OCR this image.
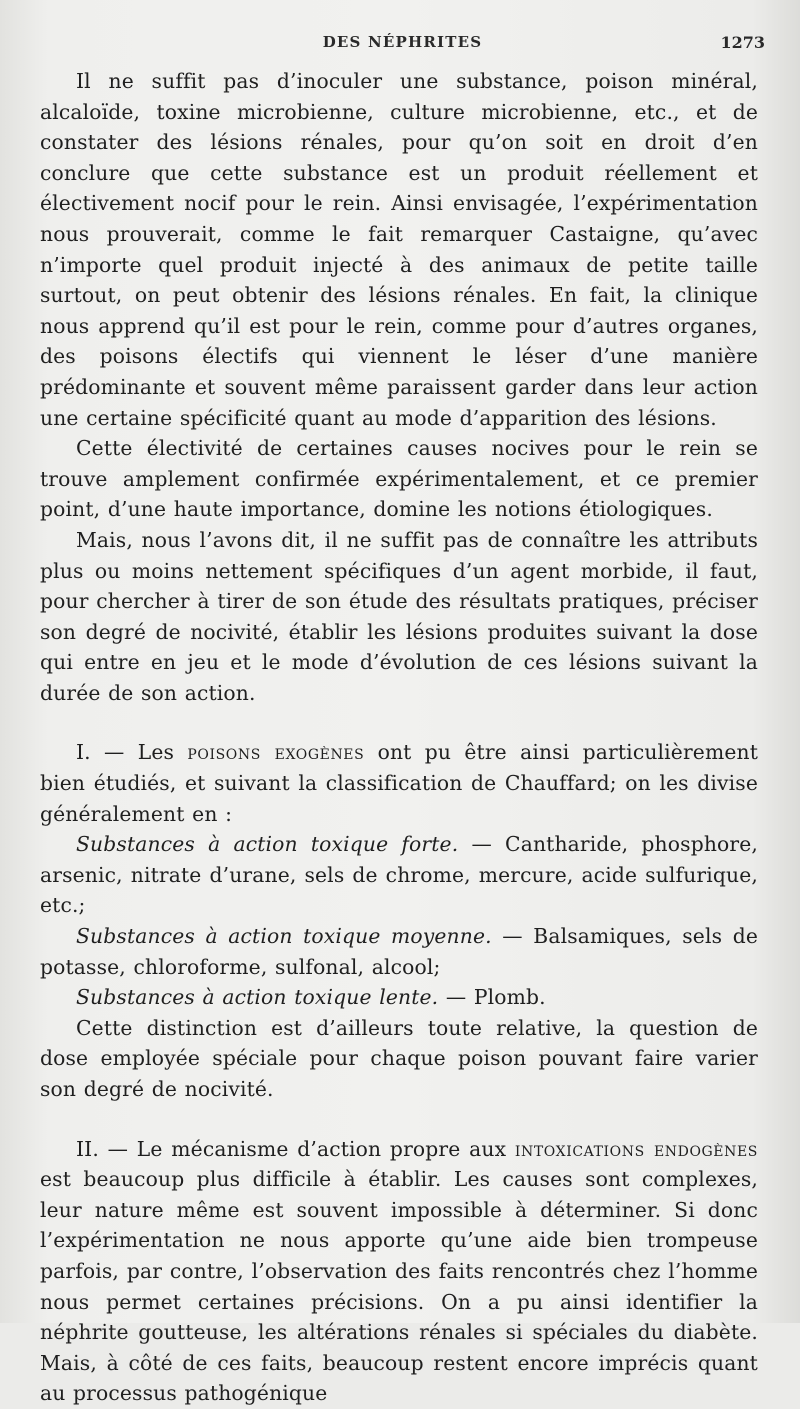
DES NÉPHRITES	1273

Il ne suffit pas d’inoculer une substance, poison minéral, alcaloïde, toxine microbienne, culture microbienne, etc., et de constater des lésions rénales, pour qu’on soit en droit d’en conclure que cette substance est un produit réellement et électivement nocif pour le rein. Ainsi envisagée, l’expérimentation nous prouverait, comme le fait remarquer Castaigne, qu’avec n’importe quel produit injecté à des animaux de petite taille surtout, on peut obtenir des lésions rénales. En fait, la clinique nous apprend qu’il est pour le rein, comme pour d’autres organes, des poisons électifs qui viennent le léser d’une manière prédominante et souvent même paraissent garder dans leur action une certaine spécificité quant au mode d’apparition des lésions.

Cette électivité de certaines causes nocives pour le rein se trouve amplement confirmée expérimentalement, et ce premier point, d’une haute importance, domine les notions étiologiques.

Mais, nous l’avons dit, il ne suffit pas de connaître les attributs plus ou moins nettement spécifiques d’un agent morbide, il faut, pour chercher à tirer de son étude des résultats pratiques, préciser son degré de nocivité, établir les lésions produites suivant la dose qui entre en jeu et le mode d’évolution de ces lésions suivant la durée de son action.

I. — Les poisons exogènes ont pu être ainsi particulièrement bien étudiés, et suivant la classification de Chauffard; on les divise généralement en :

Substances à action toxique forte. — Cantharide, phosphore, arsenic, nitrate d’urane, sels de chrome, mercure, acide sulfurique, etc.;

Substances à action toxique moyenne. — Balsamiques, sels de potasse, chloroforme, sulfonal, alcool;

Substances à action toxique lente. — Plomb.

Cette distinction est d’ailleurs toute relative, la question de dose employée spéciale pour chaque poison pouvant faire varier son degré de nocivité.

II. — Le mécanisme d’action propre aux intoxications endogènes est beaucoup plus difficile à établir. Les causes sont complexes, leur nature même est souvent impossible à déterminer. Si donc l’expérimentation ne nous apporte qu’une aide bien trompeuse parfois, par contre, l’observation des faits rencontrés chez l’homme nous permet certaines précisions. On a pu ainsi identifier la néphrite goutteuse, les altérations rénales si spéciales du diabète. Mais, à côté de ces faits, beaucoup restent encore imprécis quant au processus pathogénique
